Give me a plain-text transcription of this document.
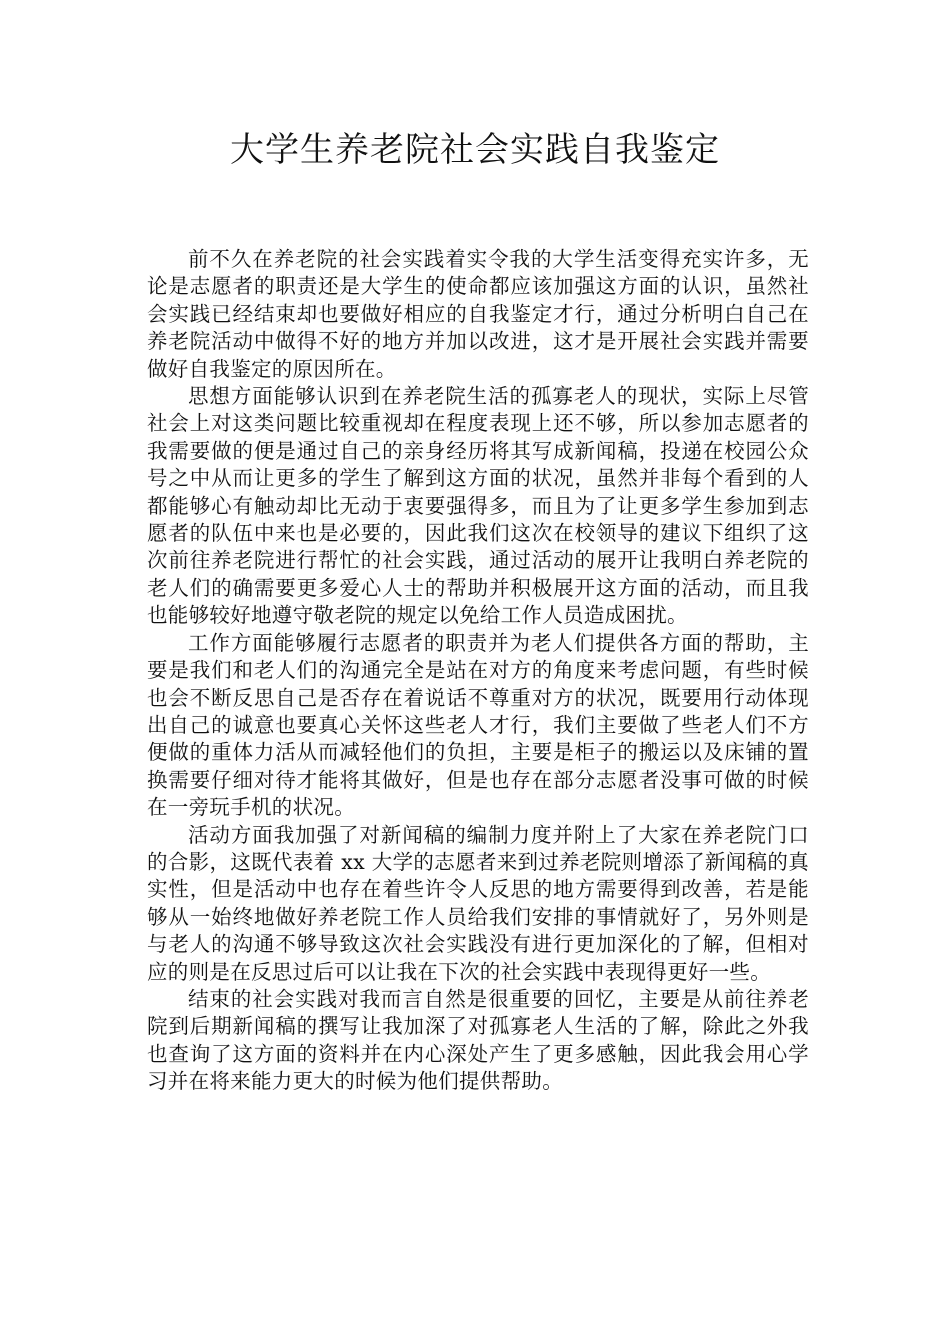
大学生养老院社会实践自我鉴定

前不久在养老院的社会实践着实令我的大学生活变得充实许多，无论是志愿者的职责还是大学生的使命都应该加强这方面的认识，虽然社会实践已经结束却也要做好相应的自我鉴定才行，通过分析明白自己在养老院活动中做得不好的地方并加以改进，这才是开展社会实践并需要做好自我鉴定的原因所在。

思想方面能够认识到在养老院生活的孤寡老人的现状，实际上尽管社会上对这类问题比较重视却在程度表现上还不够，所以参加志愿者的我需要做的便是通过自己的亲身经历将其写成新闻稿，投递在校园公众号之中从而让更多的学生了解到这方面的状况，虽然并非每个看到的人都能够心有触动却比无动于衷要强得多，而且为了让更多学生参加到志愿者的队伍中来也是必要的，因此我们这次在校领导的建议下组织了这次前往养老院进行帮忙的社会实践，通过活动的展开让我明白养老院的老人们的确需要更多爱心人士的帮助并积极展开这方面的活动，而且我也能够较好地遵守敬老院的规定以免给工作人员造成困扰。

工作方面能够履行志愿者的职责并为老人们提供各方面的帮助，主要是我们和老人们的沟通完全是站在对方的角度来考虑问题，有些时候也会不断反思自己是否存在着说话不尊重对方的状况，既要用行动体现出自己的诚意也要真心关怀这些老人才行，我们主要做了些老人们不方便做的重体力活从而减轻他们的负担，主要是柜子的搬运以及床铺的置换需要仔细对待才能将其做好，但是也存在部分志愿者没事可做的时候在一旁玩手机的状况。

活动方面我加强了对新闻稿的编制力度并附上了大家在养老院门口的合影，这既代表着 xx 大学的志愿者来到过养老院则增添了新闻稿的真实性，但是活动中也存在着些许令人反思的地方需要得到改善，若是能够从一始终地做好养老院工作人员给我们安排的事情就好了，另外则是与老人的沟通不够导致这次社会实践没有进行更加深化的了解，但相对应的则是在反思过后可以让我在下次的社会实践中表现得更好一些。

结束的社会实践对我而言自然是很重要的回忆，主要是从前往养老院到后期新闻稿的撰写让我加深了对孤寡老人生活的了解，除此之外我也查询了这方面的资料并在内心深处产生了更多感触，因此我会用心学习并在将来能力更大的时候为他们提供帮助。
